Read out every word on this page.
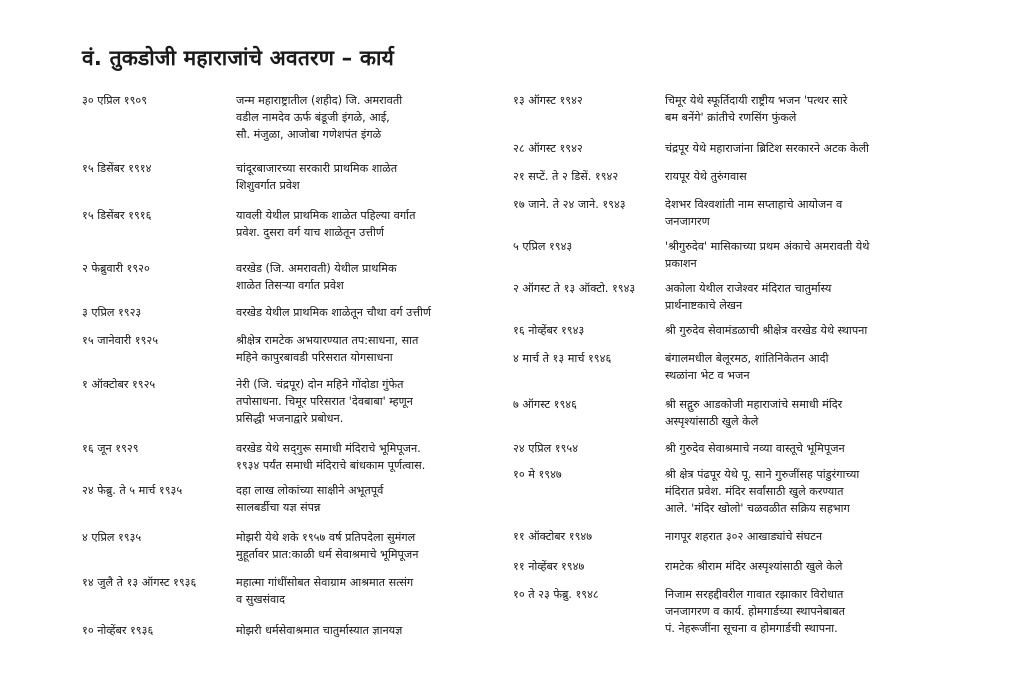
वं. तुकडोजी महाराजांचे अवतरण – कार्य
३० एप्रिल १९०९	जन्म महाराष्ट्रातील (शहीद) जि. अमरावती
वडील नामदेव ऊर्फ बंडूजी इंगळे, आई,
सौ. मंजुळा, आजोबा गणेशपंत इंगळे
१५ डिसेंबर १९१४	चांदूरबाजारच्या सरकारी प्राथमिक शाळेत
शिशुवर्गात प्रवेश
१५ डिसेंबर १९१६	यावली येथील प्राथमिक शाळेत पहिल्या वर्गात
प्रवेश. दुसरा वर्ग याच शाळेतून उत्तीर्ण
२ फेब्रुवारी १९२०	वरखेड (जि. अमरावती) येथील प्राथमिक
शाळेत तिसऱ्या वर्गात प्रवेश
३ एप्रिल १९२३	वरखेड येथील प्राथमिक शाळेतून चौथा वर्ग उत्तीर्ण
१५ जानेवारी १९२५	श्रीक्षेत्र रामटेक अभयारण्यात तप:साधना, सात
महिने कापुरबावडी परिसरात योगसाधना
१ ऑक्टोबर १९२५	नेरी (जि. चंद्रपूर) दोन महिने गोंदोडा गुंफेत
तपोसाधना. चिमूर परिसरात 'देवबाबा' म्हणून
प्रसिद्धी भजनाद्वारे प्रबोधन.
१६ जून १९२९	वरखेड येथे सद्‌गुरू समाधी मंदिराचे भूमिपूजन.
१९३४ पर्यंत समाधी मंदिराचे बांधकाम पूर्णत्वास.
२४ फेब्रु. ते ५ मार्च १९३५	दहा लाख लोकांच्या साक्षीने अभूतपूर्व
सालबर्डीचा यज्ञ संपन्न
४ एप्रिल १९३५	मोझरी येथे शके १९५७ वर्ष प्रतिपदेला सुमंगल
मुहूर्तावर प्रात:काळी धर्म सेवाश्रमाचे भूमिपूजन
१४ जुलै ते १३ ऑगस्ट १९३६	महात्मा गांधींसोबत सेवाग्राम आश्रमात सत्संग
व सुखसंवाद
१० नोव्हेंबर १९३६	मोझरी धर्मसेवाश्रमात चातुर्मास्यात ज्ञानयज्ञ
१३ ऑगस्ट १९४२	चिमूर येथे स्फूर्तिदायी राष्ट्रीय भजन 'पत्थर सारे
बम बनेंगे' क्रांतीचे रणसिंग फुंकले
२८ ऑगस्ट १९४२	चंद्रपूर येथे महाराजांना ब्रिटिश सरकारने अटक केली
२१ सप्टें. ते २ डिसें. १९४२	रायपूर येथे तुरुंगवास
१७ जाने. ते २४ जाने. १९४३	देशभर विश्वशांती नाम सप्ताहाचे आयोजन व
जनजागरण
५ एप्रिल १९४३	'श्रीगुरुदेव' मासिकाच्या प्रथम अंकाचे अमरावती येथे
प्रकाशन
२ ऑगस्ट ते १३ ऑक्टो. १९४३	अकोला येथील राजेश्वर मंदिरात चातुर्मास्य
प्रार्थनाष्टकाचे लेखन
१६ नोव्हेंबर १९४३	श्री गुरुदेव सेवामंडळाची श्रीक्षेत्र वरखेड येथे स्थापना
४ मार्च ते १३ मार्च १९४६	बंगालमधील बेलूरमठ, शांतिनिकेतन आदी
स्थळांना भेट व भजन
७ ऑगस्ट १९४६	श्री सद्गुरु आडकोजी महाराजांचे समाधी मंदिर
अस्पृश्यांसाठी खुले केले
२४ एप्रिल १९५४	श्री गुरुदेव सेवाश्रमाचे नव्या वास्तूचे भूमिपूजन
१० मे १९४७	श्री क्षेत्र पंढपूर येथे पू. साने गुरुजींसह पांडुरंगाच्या
मंदिरात प्रवेश. मंदिर सर्वांसाठी खुले करण्यात
आले. 'मंदिर खोलो' चळवळीत सक्रिय सहभाग
११ ऑक्टोबर १९४७	नागपूर शहरात ३०२ आखाड्यांचे संघटन
११ नोव्हेंबर १९४७	रामटेक श्रीराम मंदिर अस्पृश्यांसाठी खुले केले
१० ते २३ फेब्रु. १९४८	निजाम सरहद्दीवरील गावात रझाकार विरोधात
जनजागरण व कार्य. होमगार्डच्या स्थापनेबाबत
पं. नेहरूजींना सूचना व होमगार्डची स्थापना.
